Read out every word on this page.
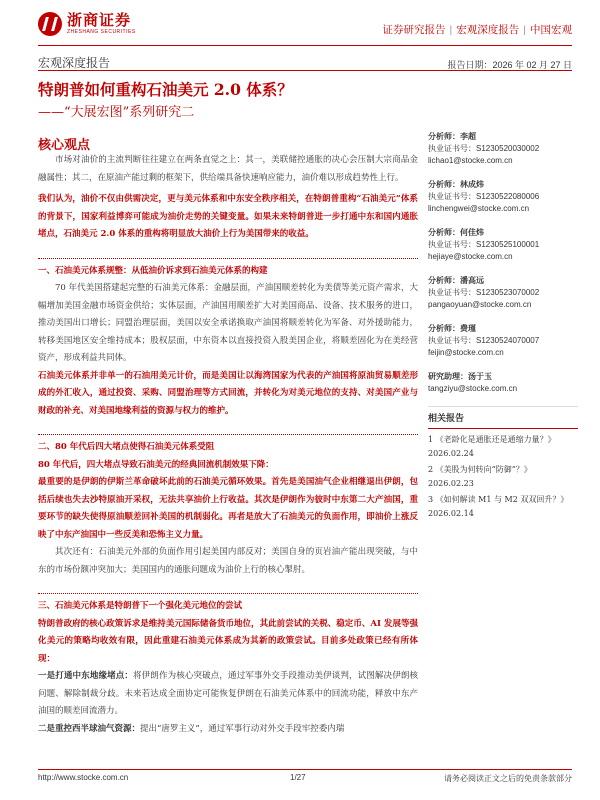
浙商证券
ZHESHANG SECURITIES	证券研究报告 | 宏观深度报告 | 中国宏观
宏观深度报告	报告日期：2026 年 02 月 27 日
特朗普如何重构石油美元 2.0 体系？
——“大展宏图”系列研究二
核心观点

市场对油价的主流判断往往建立在两条直觉之上：其一，美联储控通胀的决心会压制大宗商品金融属性；其二，在原油产能过剩的框架下，供给端具备快速响应能力，油价难以形成趋势性上行。

我们认为，油价不仅由供需决定，更与美元体系和中东安全秩序相关，在特朗普重构“石油美元”体系的背景下，国家利益博弈可能成为油价走势的关键变量。如果未来特朗普进一步打通中东和国内通胀堵点，石油美元 2.0 体系的重构将明显放大油价上行为美国带来的收益。

一、石油美元体系规整：从低油价诉求到石油美元体系的构建

70 年代美国搭建起完整的石油美元体系：金融层面，产油国顺差转化为美债等美元资产需求，大幅增加美国金融市场资金供给；实体层面，产油国用顺差扩大对美国商品、设备、技术服务的进口，推动美国出口增长；同盟治理层面，美国以安全承诺换取产油国将顺差转化为军备、对外援助能力，转移美国地区安全维持成本；股权层面，中东资本以直接投资入股美国企业，将顺差固化为在美经营资产，形成利益共同体。

石油美元体系并非单一的石油用美元计价，而是美国让以海湾国家为代表的产油国将原油贸易顺差形成的外汇收入，通过投资、采购、同盟治理等方式回流，并转化为对美元地位的支持、对美国产业与财政的补充、对美国地缘利益的资源与权力的维护。

二、80 年代后四大堵点使得石油美元体系受阻

80 年代后，四大堵点导致石油美元的经典回流机制效果下降：

最重要的是伊朗的伊斯兰革命破坏此前的石油美元循环效果。首先是美国油气企业相继退出伊朗，包括后续也失去沙特原油开采权，无法共享油价上行收益。其次是伊朗作为彼时中东第二大产油国，重要环节的缺失使得原油顺差回补美国的机制弱化。再者是放大了石油美元的负面作用，即油价上涨反映了中东产油国中一些反美和恐怖主义力量。

其次还有：石油美元外部的负面作用引起美国内部反对；美国自身的页岩油产能出现突破，与中东的市场份额冲突加大；美国国内的通胀问题成为油价上行的核心掣肘。

三、石油美元体系是特朗普下一个强化美元地位的尝试

特朗普政府的核心政策诉求是维持美元国际储备货币地位，其此前尝试的关税、稳定币、AI 发展等强化美元的策略均收效有限，因此重建石油美元体系成为其新的政策尝试。目前多处政策已经有所体现：

一是打通中东地缘堵点：将伊朗作为核心突破点，通过军事外交手段推动美伊谈判，试图解决伊朗核问题、解除制裁分歧。未来若达成全面协定可能恢复伊朗在石油美元体系中的回流功能，释放中东产油国的顺差回流潜力。

二是重控西半球油气资源：提出“唐罗主义”，通过军事行动对外交手段牢控委内瑞

分析师：李超
执业证书号：S1230520030002
lichao1@stocke.com.cn
分析师：林成炜
执业证书号：S1230522080006
linchengwei@stocke.com.cn
分析师：何佳炜
执业证书号：S1230525100001
hejiaye@stocke.com.cn
分析师：潘高远
执业证书号：S1230523070002
pangaoyuan@stocke.com.cn
分析师：费瑾
执业证书号：S1230524070007
feijin@stocke.com.cn
研究助理：汤于玉
tangziyu@stocke.com.cn
相关报告
1 《老龄化是通胀还是通缩力量？》 2026.02.24
2 《美股为何转向“防御”？》 2026.02.23
3 《如何解读 M1 与 M2 双双回升？》 2026.02.14
http://www.stocke.com.cn	1/27	请务必阅读正文之后的免责条款部分
